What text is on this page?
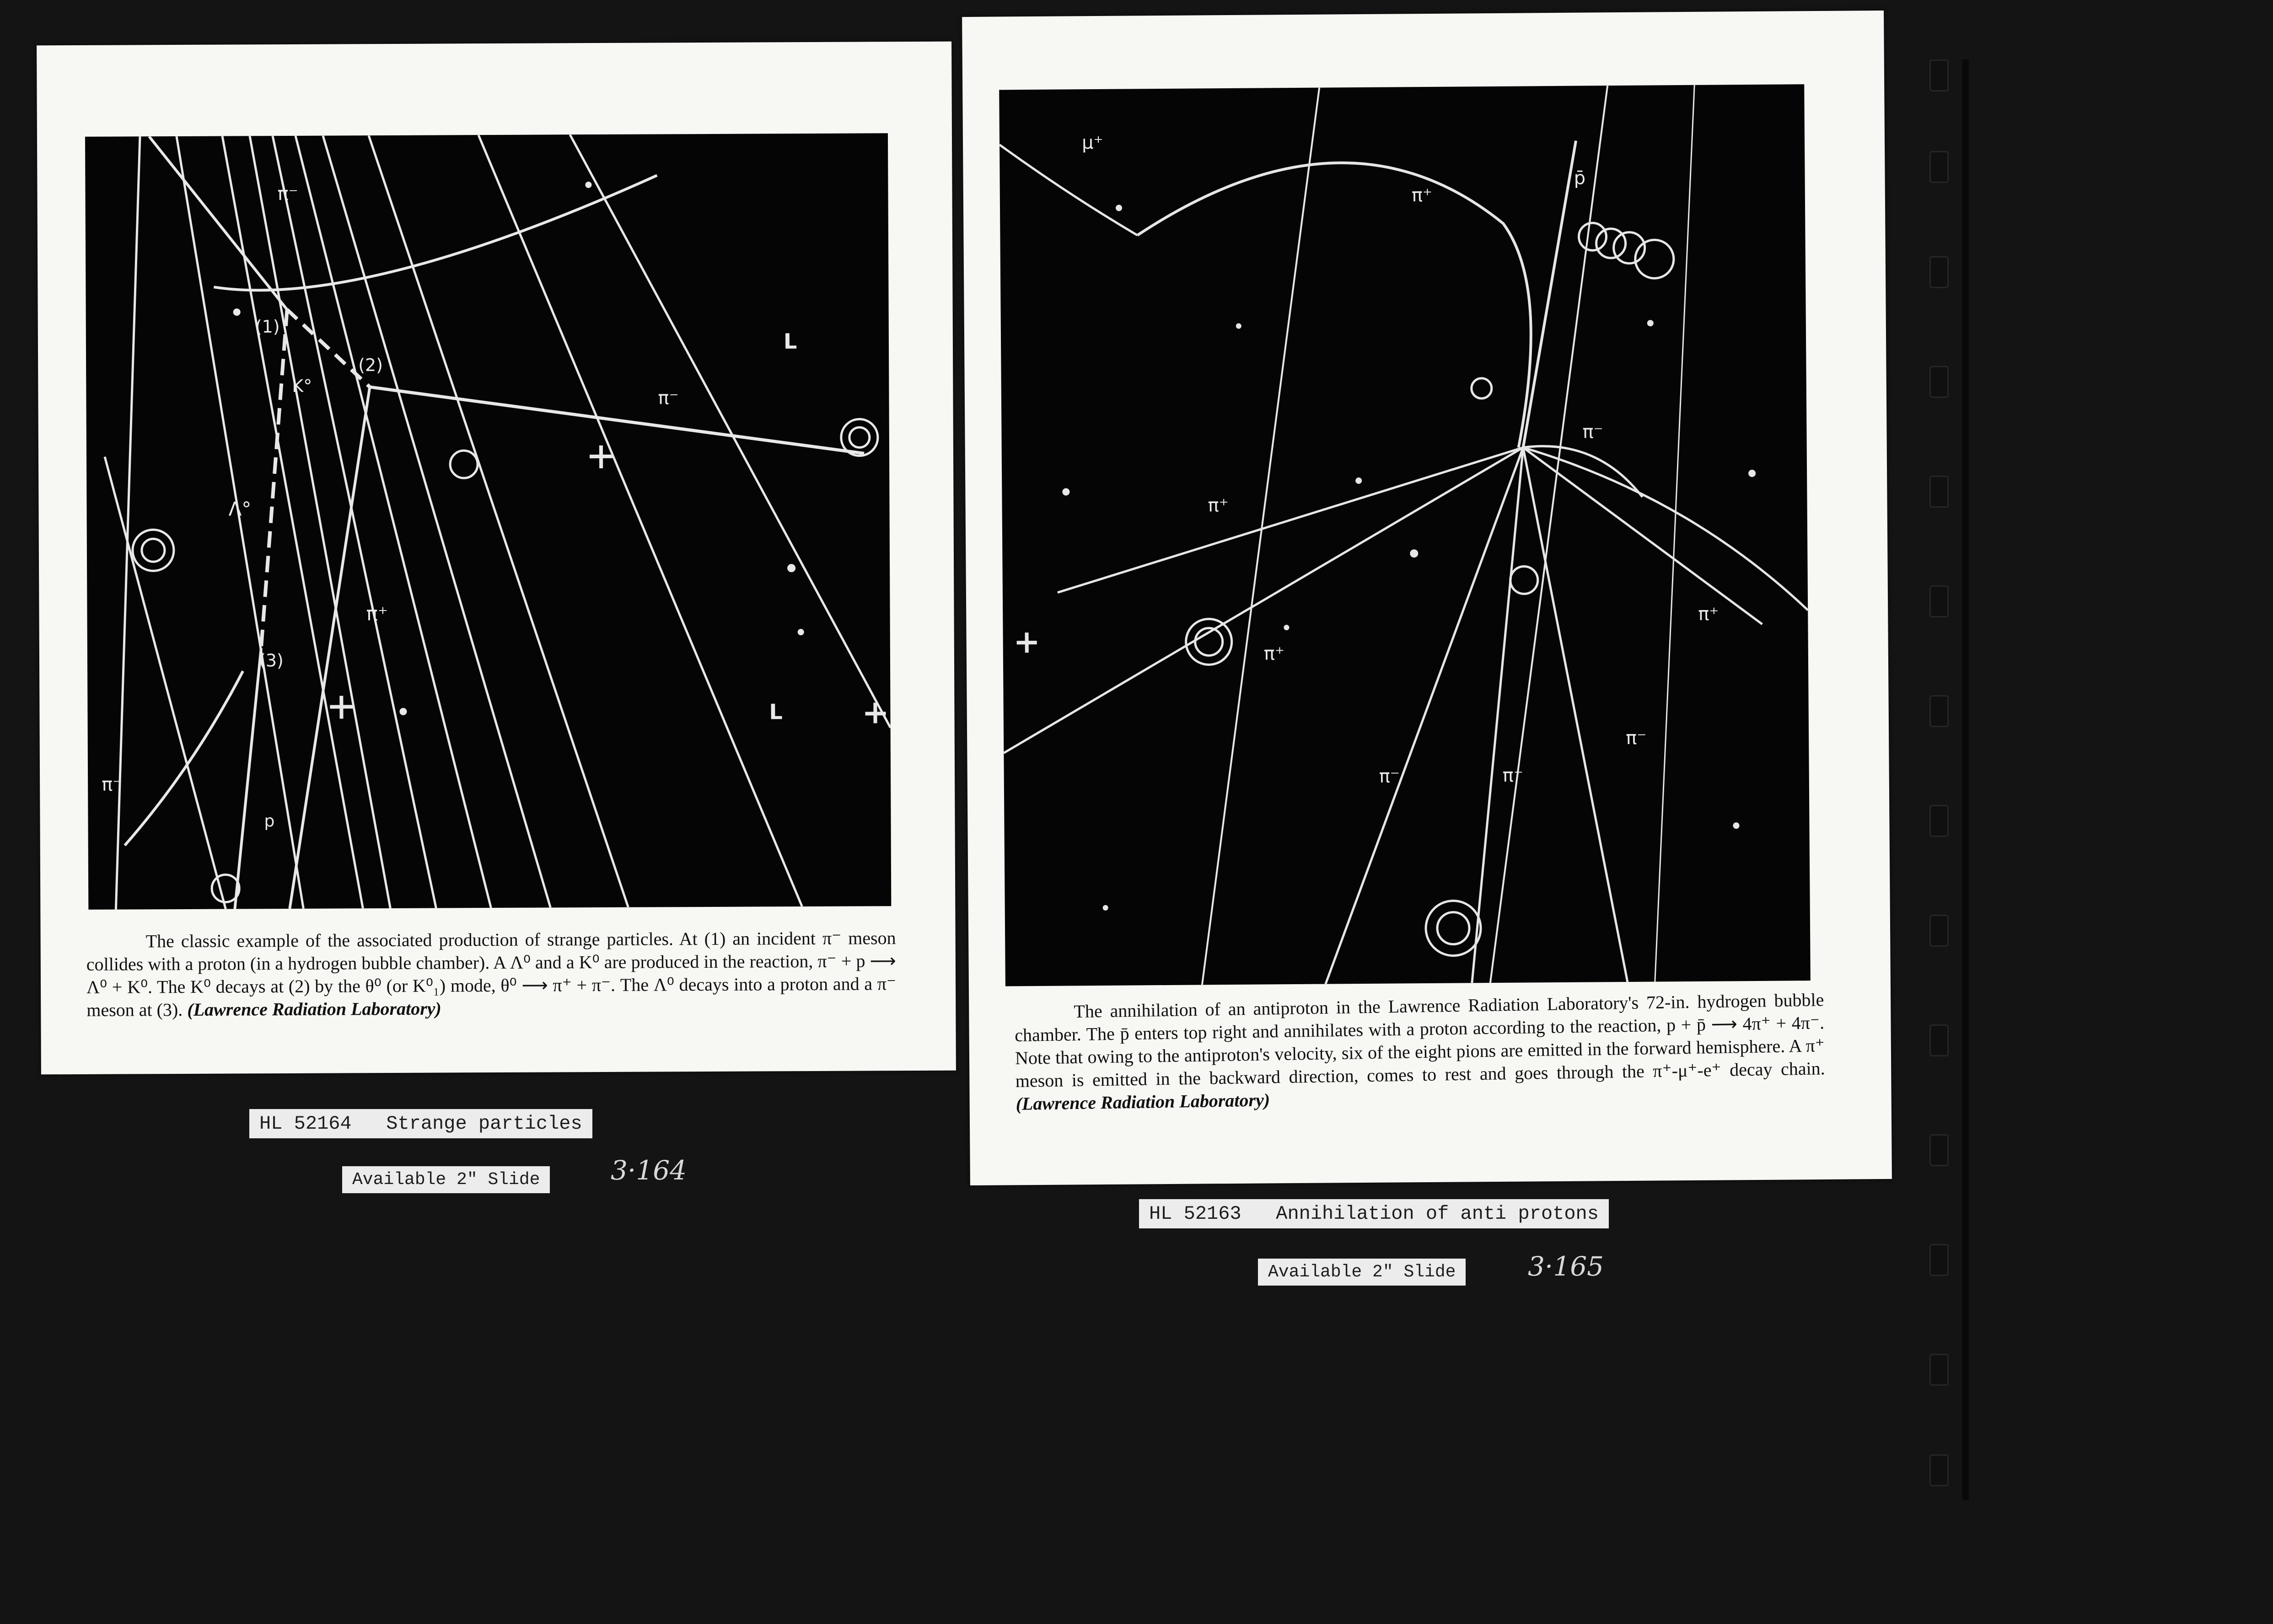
π⁻
(1)
(2)
K°
π⁻
Λ°
π⁺
(3)
π⁻
p
L
L

The classic example of the associated production of strange particles. At (1) an incident π⁻ meson collides with a proton (in a hydrogen bubble chamber). A Λ⁰ and a K⁰ are produced in the reaction, π⁻ + p ⟶ Λ⁰ + K⁰. The K⁰ decays at (2) by the θ⁰ (or K⁰₁) mode, θ⁰ ⟶ π⁺ + π⁻. The Λ⁰ decays into a proton and a π⁻ meson at (3). (Lawrence Radiation Laboratory)

HL 52164   Strange particles
Available 2" Slide	3·164
μ⁺
π⁺
p̄
π⁻
π⁺
π⁺
π⁺
π⁻	π⁻
π⁻

The annihilation of an antiproton in the Lawrence Radiation Laboratory's 72-in. hydrogen bubble chamber. The p̄ enters top right and annihilates with a proton according to the reaction, p + p̄ ⟶ 4π⁺ + 4π⁻. Note that owing to the antiproton's velocity, six of the eight pions are emitted in the forward hemisphere. A π⁺ meson is emitted in the backward direction, comes to rest and goes through the π⁺-μ⁺-e⁺ decay chain. (Lawrence Radiation Laboratory)

HL 52163   Annihilation of anti protons
Available 2" Slide	3·165
